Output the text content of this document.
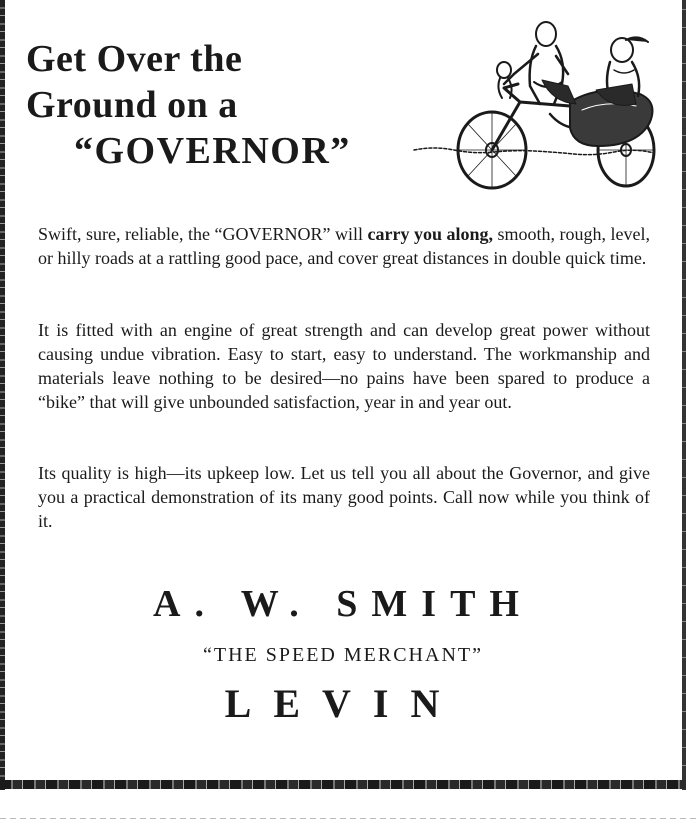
Get Over the
Ground on a
“GOVERNOR”
Swift, sure, reliable, the “GOVERNOR” will carry you along, smooth, rough, level, or hilly roads at a rattling good pace, and cover great distances in double quick time.
It is fitted with an engine of great strength and can develop great power without causing undue vibration. Easy to start, easy to understand. The workmanship and materials leave nothing to be desired—no pains have been spared to produce a “bike” that will give unbounded satisfaction, year in and year out.
Its quality is high—its upkeep low. Let us tell you all about the Governor, and give you a practical demonstration of its many good points. Call now while you think of it.
A. W. SMITH
“THE SPEED MERCHANT”
LEVIN
